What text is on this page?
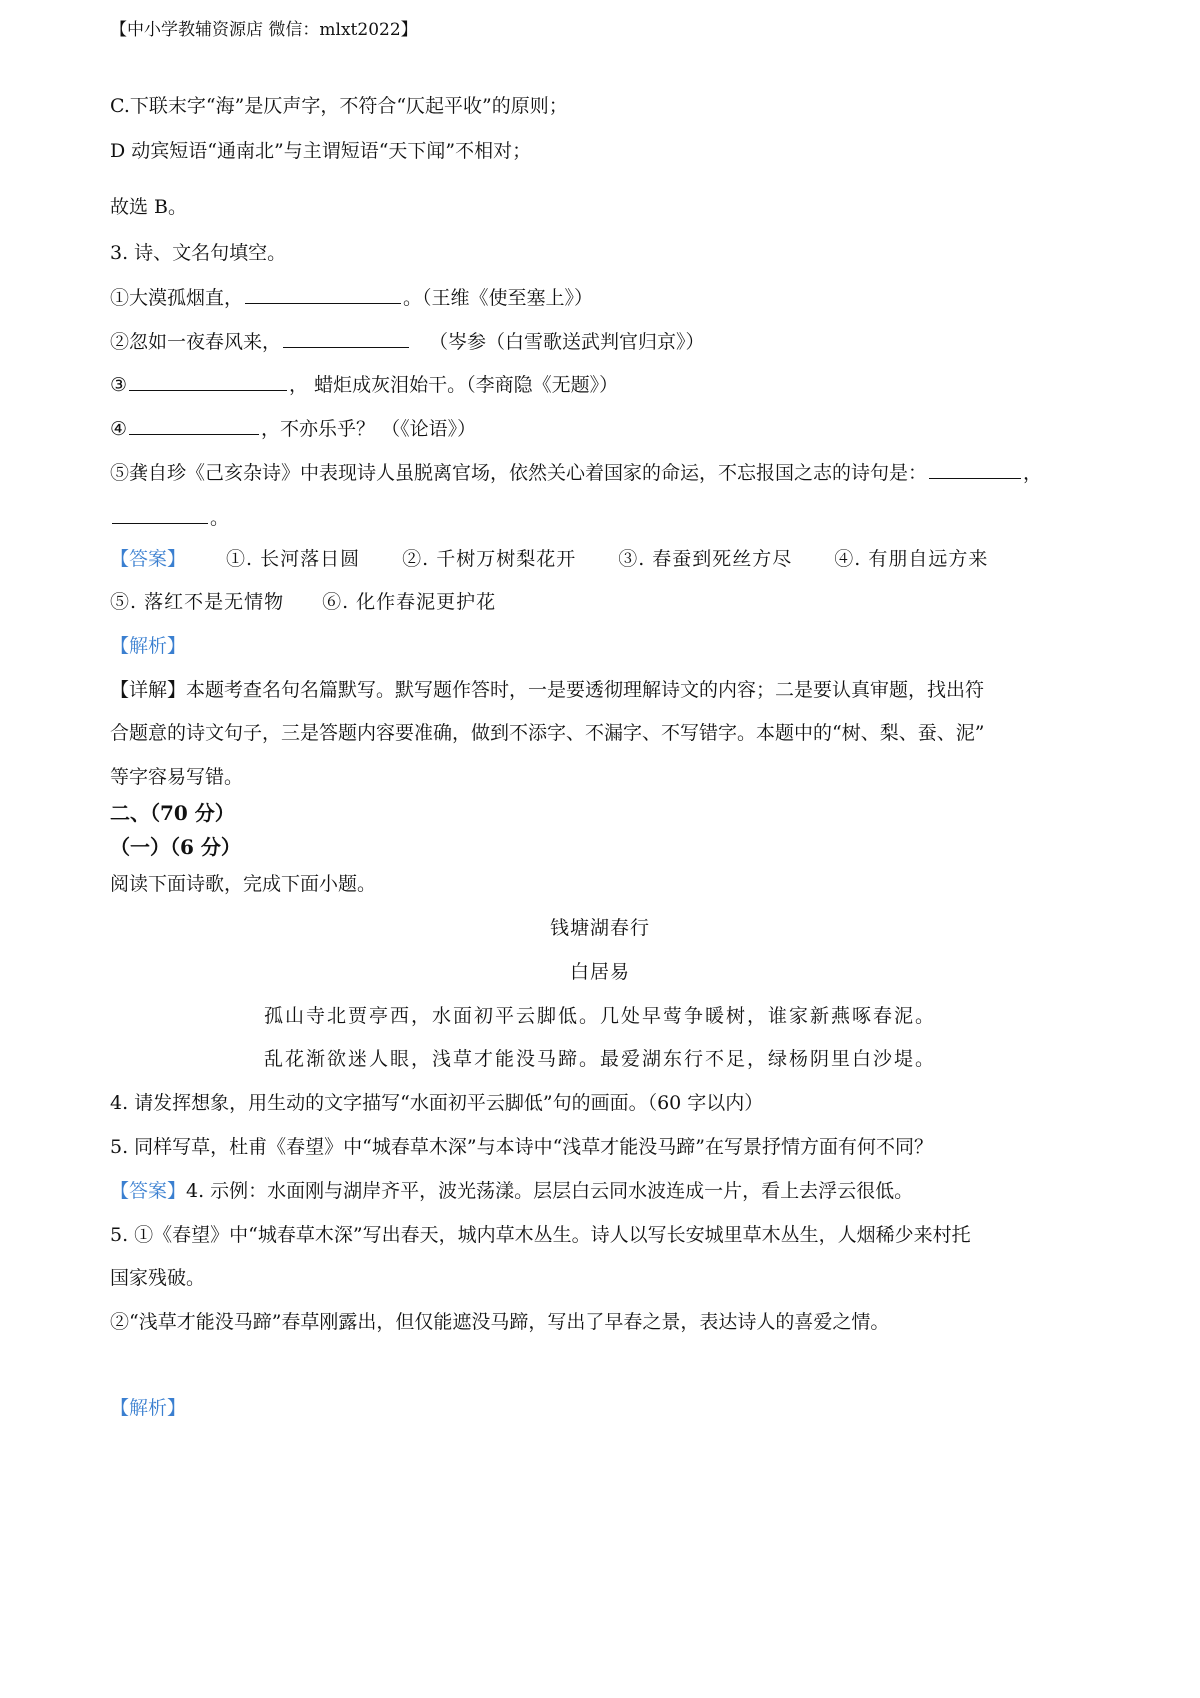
【中小学教辅资源店 微信：mlxt2022】
C.下联末字“海”是仄声字，不符合“仄起平收”的原则；
D 动宾短语“通南北”与主谓短语“天下闻”不相对；
故选 B。
3. 诗、文名句填空。
①大漠孤烟直，	。（王维《使至塞上》）
②忽如一夜春风来，	（岑参（白雪歌送武判官归京》）
③	， 蜡炬成灰泪始干。（李商隐《无题》）
④	，不亦乐乎？ （《论语》）
⑤龚自珍《己亥杂诗》中表现诗人虽脱离官场，依然关心着国家的命运，不忘报国之志的诗句是：	，
。
【答案】 ①. 长河落日圆 ②. 千树万树梨花开 ③. 春蚕到死丝方尽 ④. 有朋自远方来
⑤. 落红不是无情物 ⑥. 化作春泥更护花
【解析】
【详解】本题考查名句名篇默写。默写题作答时，一是要透彻理解诗文的内容；二是要认真审题，找出符
合题意的诗文句子，三是答题内容要准确，做到不添字、不漏字、不写错字。本题中的“树、梨、蚕、泥”
等字容易写错。
二、（70 分）
（一）（6 分）
阅读下面诗歌，完成下面小题。
钱塘湖春行
白居易
孤山寺北贾亭西，水面初平云脚低。几处早莺争暖树，谁家新燕啄春泥。
乱花渐欲迷人眼，浅草才能没马蹄。最爱湖东行不足，绿杨阴里白沙堤。
4. 请发挥想象，用生动的文字描写“水面初平云脚低”句的画面。（60 字以内）
5. 同样写草，杜甫《春望》中“城春草木深”与本诗中“浅草才能没马蹄”在写景抒情方面有何不同？
【答案】4. 示例：水面刚与湖岸齐平，波光荡漾。层层白云同水波连成一片，看上去浮云很低。
5. ①《春望》中“城春草木深”写出春天，城内草木丛生。诗人以写长安城里草木丛生，人烟稀少来村托
国家残破。
②“浅草才能没马蹄”春草刚露出，但仅能遮没马蹄，写出了早春之景，表达诗人的喜爱之情。
【解析】
